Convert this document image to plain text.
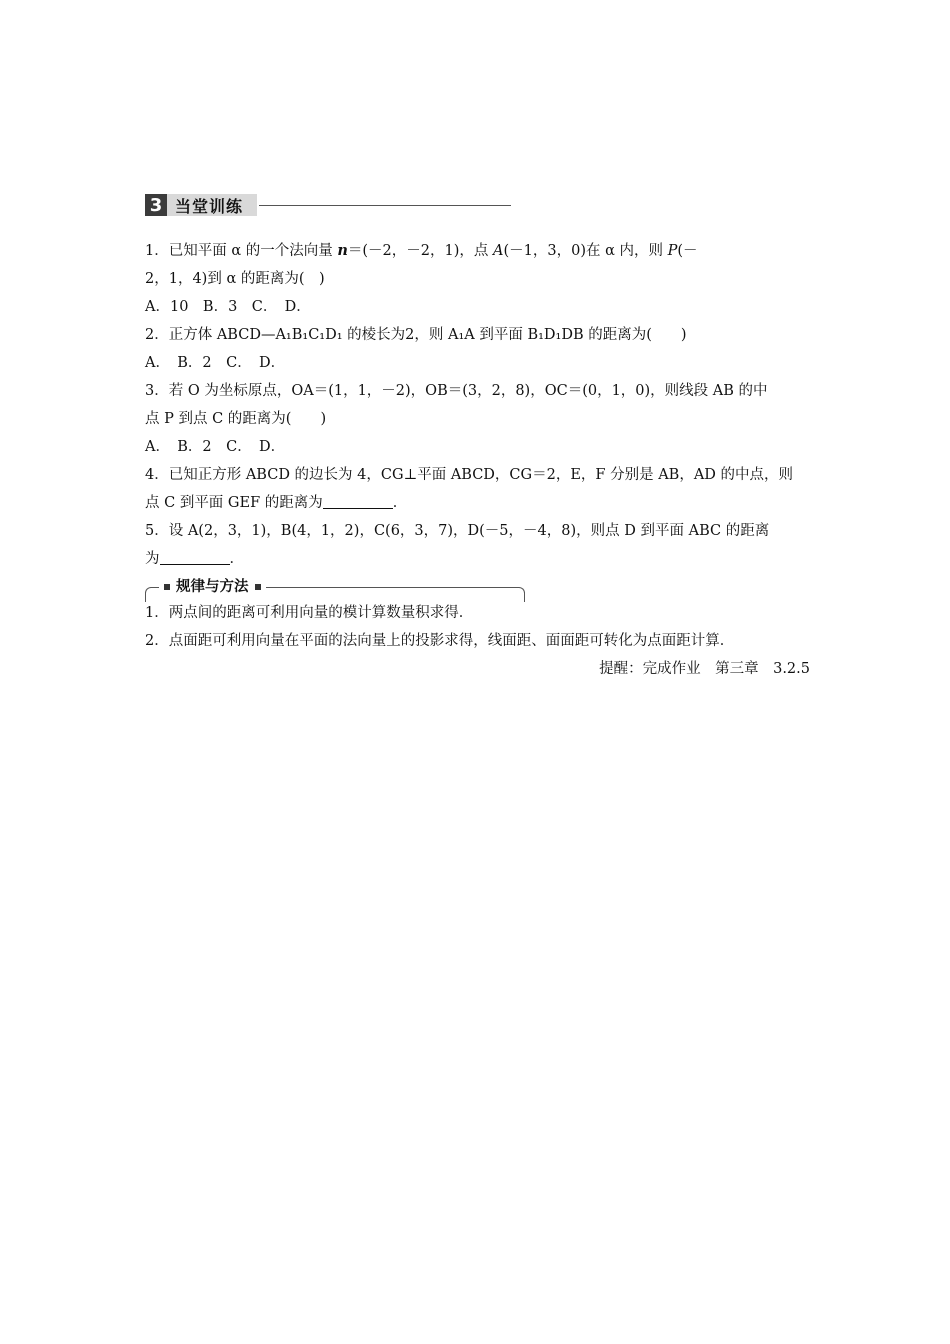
3 当堂训练
1．已知平面 α 的一个法向量 n＝(－2，－2，1)，点 A(－1，3，0)在 α 内，则 P(－
2，1，4)到 α 的距离为(　)
A．10　B．3　C．　D．
2．正方体 ABCD—A₁B₁C₁D₁ 的棱长为2，则 A₁A 到平面 B₁D₁DB 的距离为(　　)
A．　B．2　C．　D．
3．若 O 为坐标原点，OA＝(1，1，－2)，OB＝(3，2，8)，OC＝(0，1，0)，则线段 AB 的中
点 P 到点 C 的距离为(　　)
A．　B．2　C．　D．
4．已知正方形 ABCD 的边长为 4，CG⊥平面 ABCD，CG＝2，E，F 分别是 AB，AD 的中点，则
点 C 到平面 GEF 的距离为	．
5．设 A(2，3，1)，B(4，1，2)，C(6，3，7)，D(－5，－4，8)，则点 D 到平面 ABC 的距离
为	．
规律与方法
1．两点间的距离可利用向量的模计算数量积求得．
2．点面距可利用向量在平面的法向量上的投影求得，线面距、面面距可转化为点面距计算．
提醒：完成作业　第三章　3.2.5
